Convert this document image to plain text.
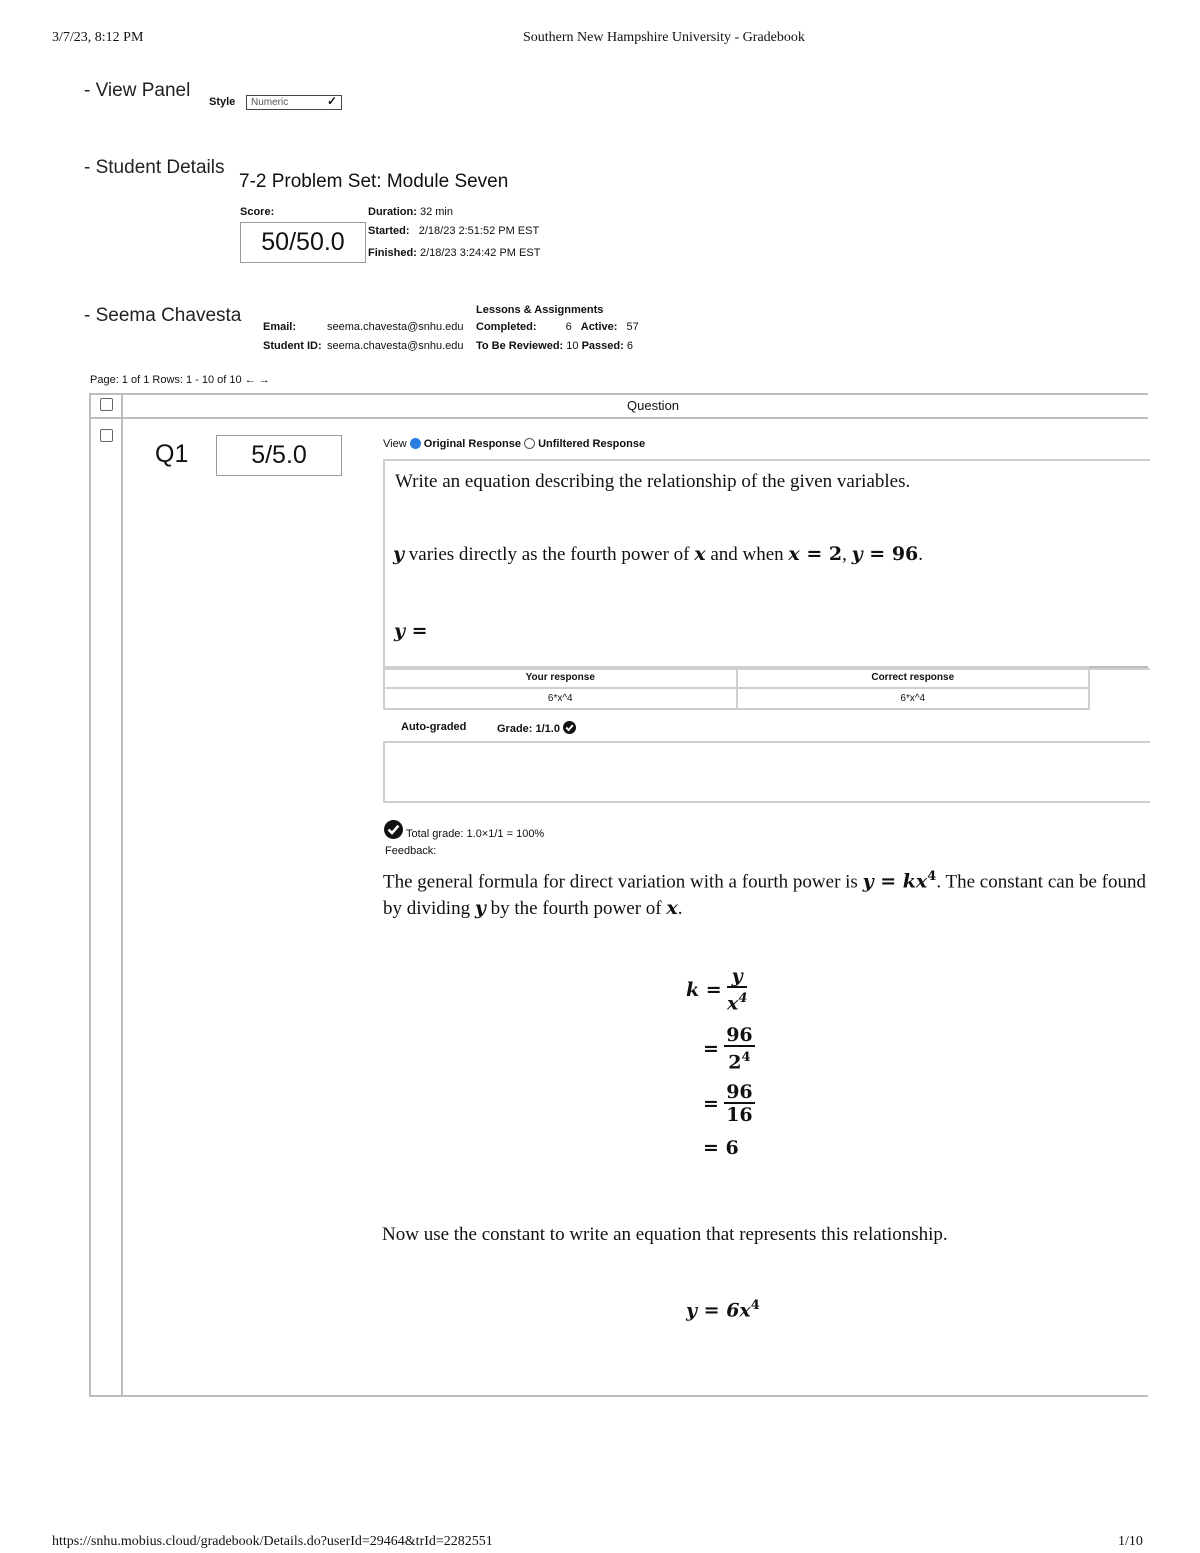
3/7/23, 8:12 PM	Southern New Hampshire University - Gradebook
- View Panel
Style	Numeric	✓
- Student Details
7-2 Problem Set: Module Seven
Score:
50/50.0
Duration: 32 min
Started: 2/18/23 2:51:52 PM EST
Finished: 2/18/23 3:24:42 PM EST
- Seema Chavesta	Lessons & Assignments
Email:	seema.chavesta@snhu.edu
Student ID: seema.chavesta@snhu.edu
Completed:	6 Active: 57
To Be Reviewed: 10 Passed: 6
Page: 1 of 1 Rows: 1 - 10 of 10 ← →
Question
Q1	5/5.0	View Original Response Unfiltered Response
Write an equation describing the relationship of the given variables.
y varies directly as the fourth power of x and when x = 2, y = 96.
y =
Your response	Correct response
6*x^4	6*x^4
Auto-graded	Grade: 1/1.0
Total grade: 1.0×1/1 = 100%
Feedback:
The general formula for direct variation with a fourth power is $y = kx^4$. The constant can be found
by dividing y by the fourth power of x.
$k = \frac{y}{x^4}$
= $\frac{96}{2^4}$
= $\frac{96}{16}$
= 6
Now use the constant to write an equation that represents this relationship.
$y = 6x^4$
https://snhu.mobius.cloud/gradebook/Details.do?userId=29464&trId=2282551	1/10
